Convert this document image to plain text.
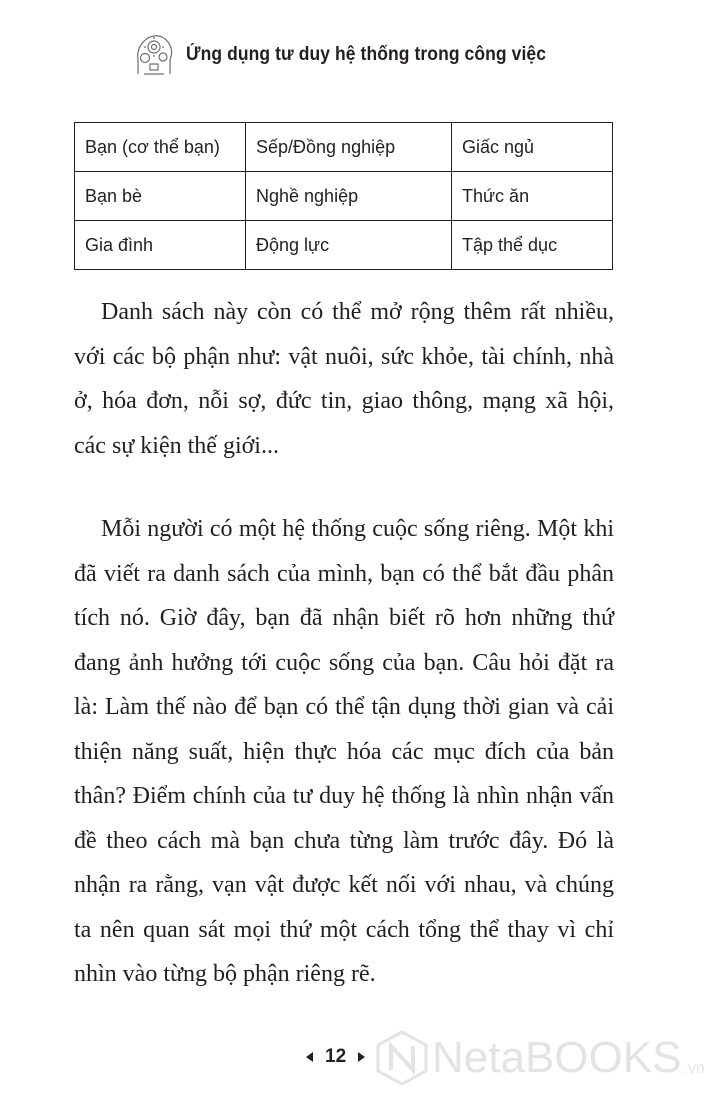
Ứng dụng tư duy hệ thống trong công việc
Bạn (cơ thể bạn)	Sếp/Đồng nghiệp	Giấc ngủ
Bạn bè	Nghề nghiệp	Thức ăn
Gia đình	Động lực	Tập thể dục

Danh sách này còn có thể mở rộng thêm rất nhiều, với các bộ phận như: vật nuôi, sức khỏe, tài chính, nhà ở, hóa đơn, nỗi sợ, đức tin, giao thông, mạng xã hội, các sự kiện thế giới...

Mỗi người có một hệ thống cuộc sống riêng. Một khi đã viết ra danh sách của mình, bạn có thể bắt đầu phân tích nó. Giờ đây, bạn đã nhận biết rõ hơn những thứ đang ảnh hưởng tới cuộc sống của bạn. Câu hỏi đặt ra là: Làm thế nào để bạn có thể tận dụng thời gian và cải thiện năng suất, hiện thực hóa các mục đích của bản thân? Điểm chính của tư duy hệ thống là nhìn nhận vấn đề theo cách mà bạn chưa từng làm trước đây. Đó là nhận ra rằng, vạn vật được kết nối với nhau, và chúng ta nên quan sát mọi thứ một cách tổng thể thay vì chỉ nhìn vào từng bộ phận riêng rẽ.

12 NetaBOOKS .vn
